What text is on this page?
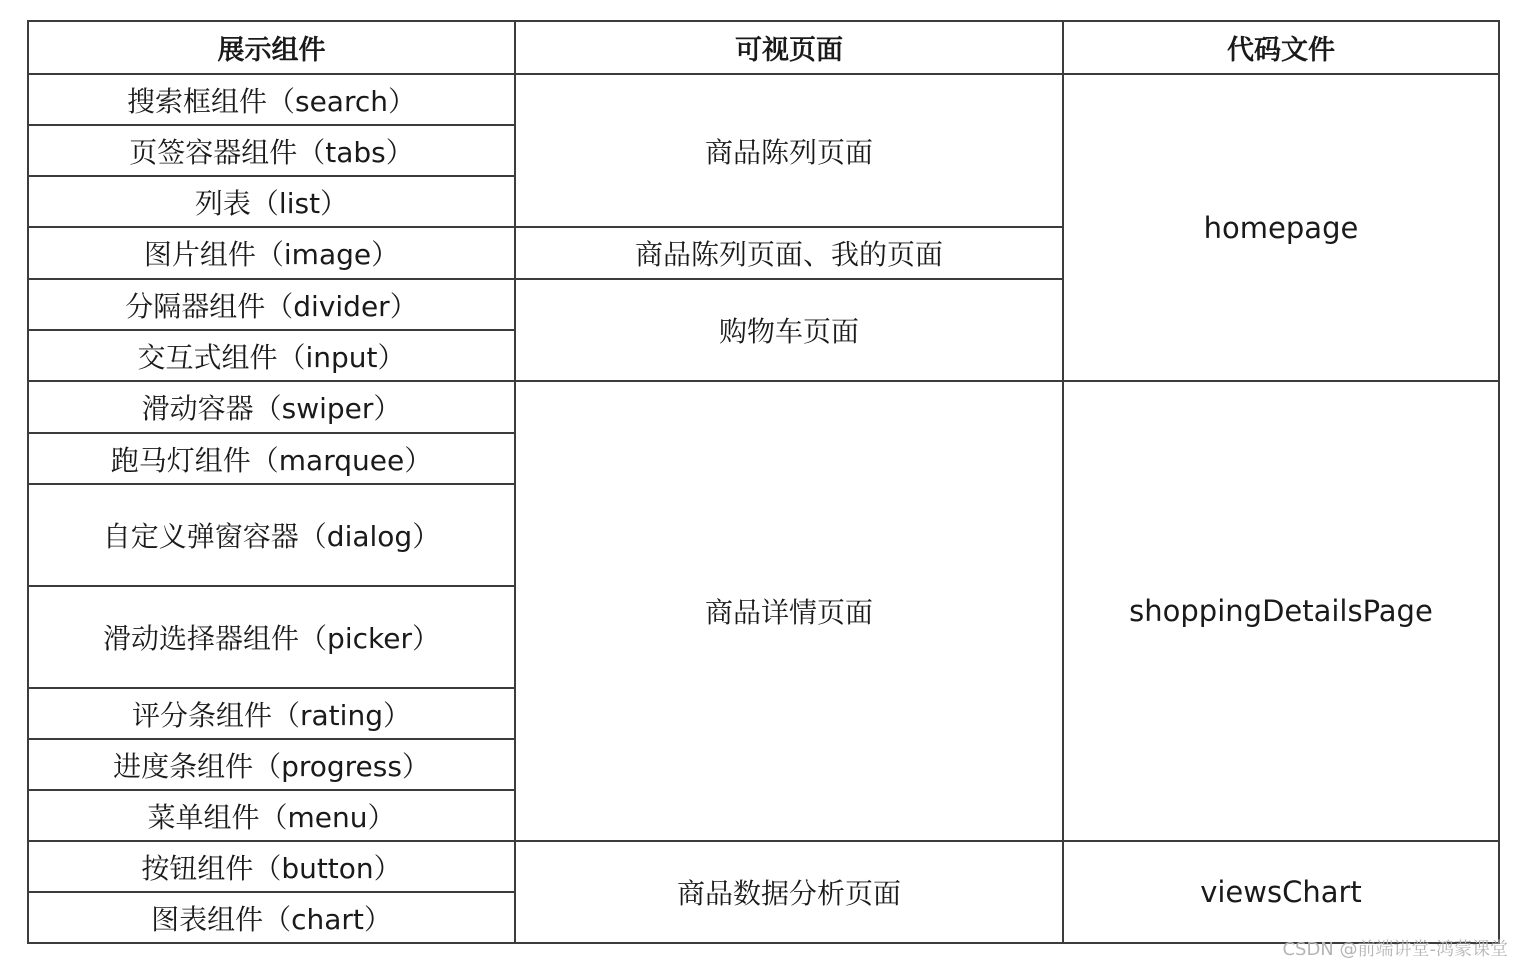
展示组件	可视页面	代码文件
搜索框组件（search）	商品陈列页面	homepage
页签容器组件（tabs）		
列表（list）		
图片组件（image）	商品陈列页面、我的页面	
分隔器组件（divider）	购物车页面	
交互式组件（input）		
滑动容器（swiper）	商品详情页面	shoppingDetailsPage
跑马灯组件（marquee）		
自定义弹窗容器（dialog）		
滑动选择器组件（picker）		
评分条组件（rating）		
进度条组件（progress）		
菜单组件（menu）		
按钮组件（button）	商品数据分析页面	viewsChart
图表组件（chart）		
CSDN @前端讲堂-鸿蒙课堂
